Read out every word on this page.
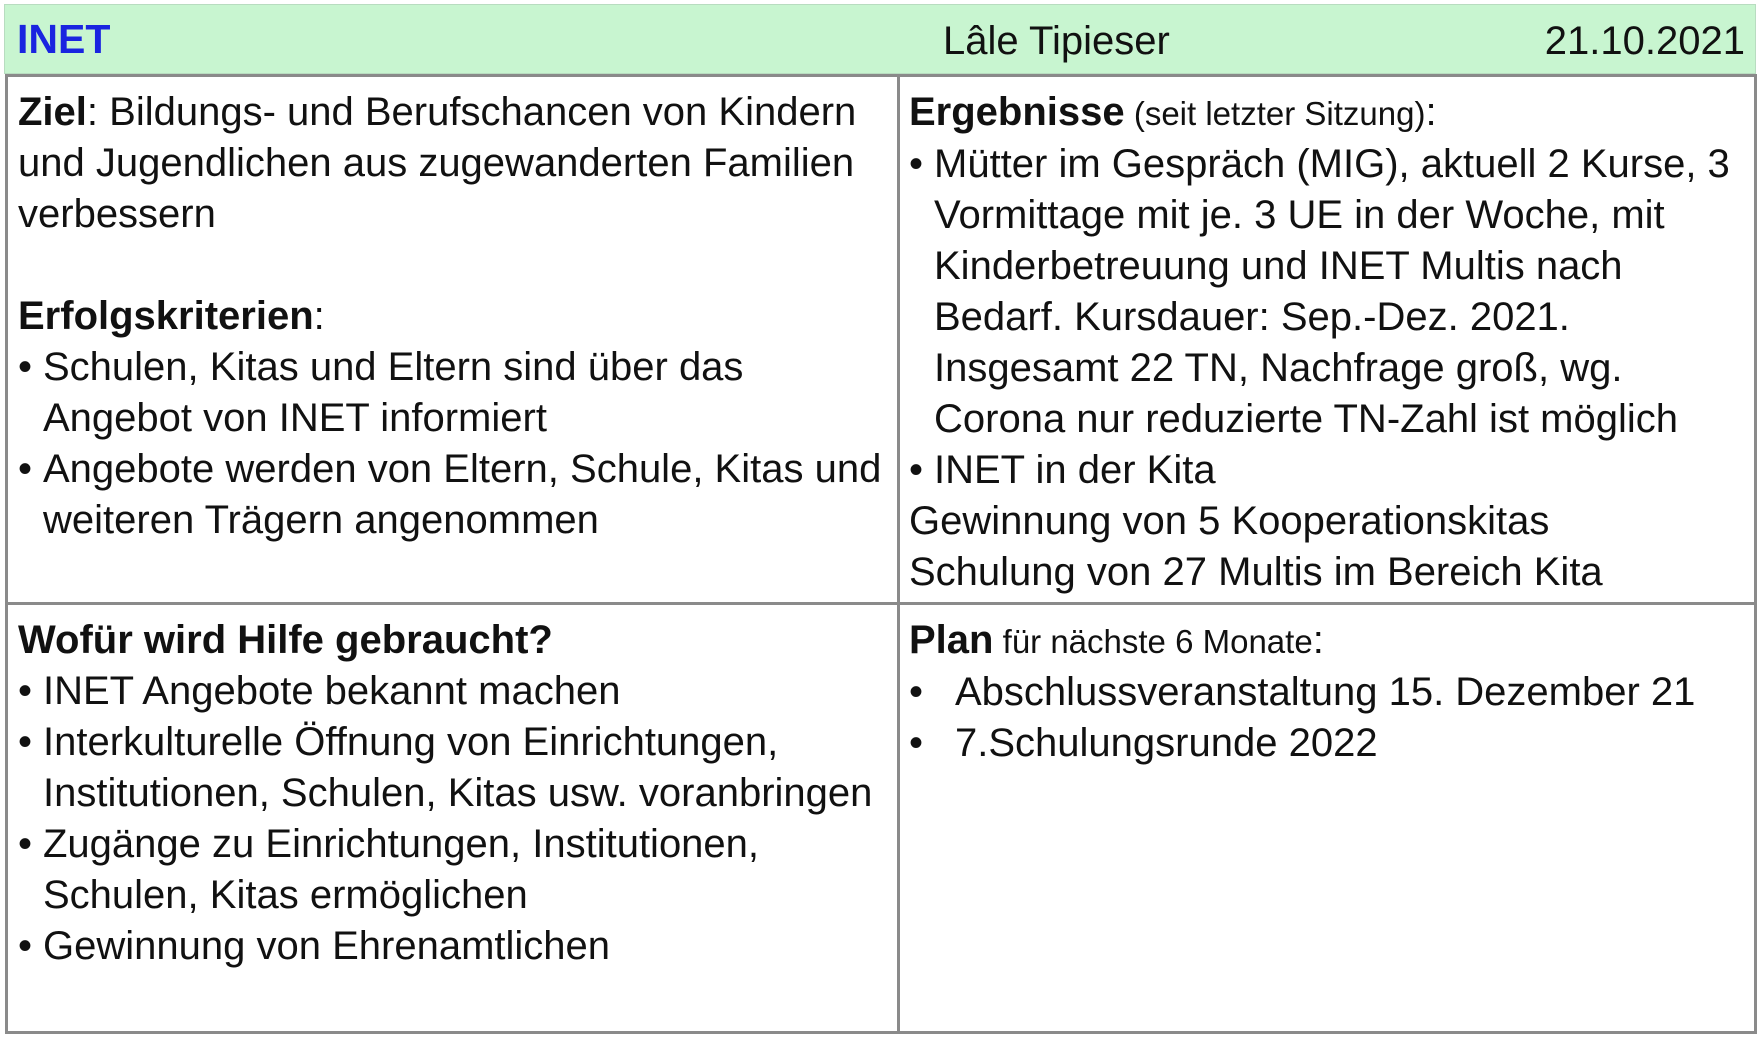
INET	Lâle Tipieser	21.10.2021

Ziel: Bildungs- und Berufschancen von Kindern und Jugendlichen aus zugewanderten Familien verbessern

Erfolgskriterien:

• Schulen, Kitas und Eltern sind über das Angebot von INET informiert
• Angebote werden von Eltern, Schule, Kitas und weiteren Trägern angenommen

Ergebnisse (seit letzter Sitzung):

• Mütter im Gespräch (MIG), aktuell 2 Kurse, 3 Vormittage mit je. 3 UE in der Woche, mit Kinderbetreuung und INET Multis nach Bedarf. Kursdauer: Sep.-Dez. 2021. Insgesamt 22 TN, Nachfrage groß, wg. Corona nur reduzierte TN-Zahl ist möglich
• INET in der Kita

Gewinnung von 5 Kooperationskitas

Schulung von 27 Multis im Bereich Kita

Wofür wird Hilfe gebraucht?

• INET Angebote bekannt machen
• Interkulturelle Öffnung von Einrichtungen, Institutionen, Schulen, Kitas usw. voranbringen
• Zugänge zu Einrichtungen, Institutionen, Schulen, Kitas ermöglichen
• Gewinnung von Ehrenamtlichen

Plan für nächste 6 Monate:

• Abschlussveranstaltung 15. Dezember 21
• 7.Schulungsrunde 2022
